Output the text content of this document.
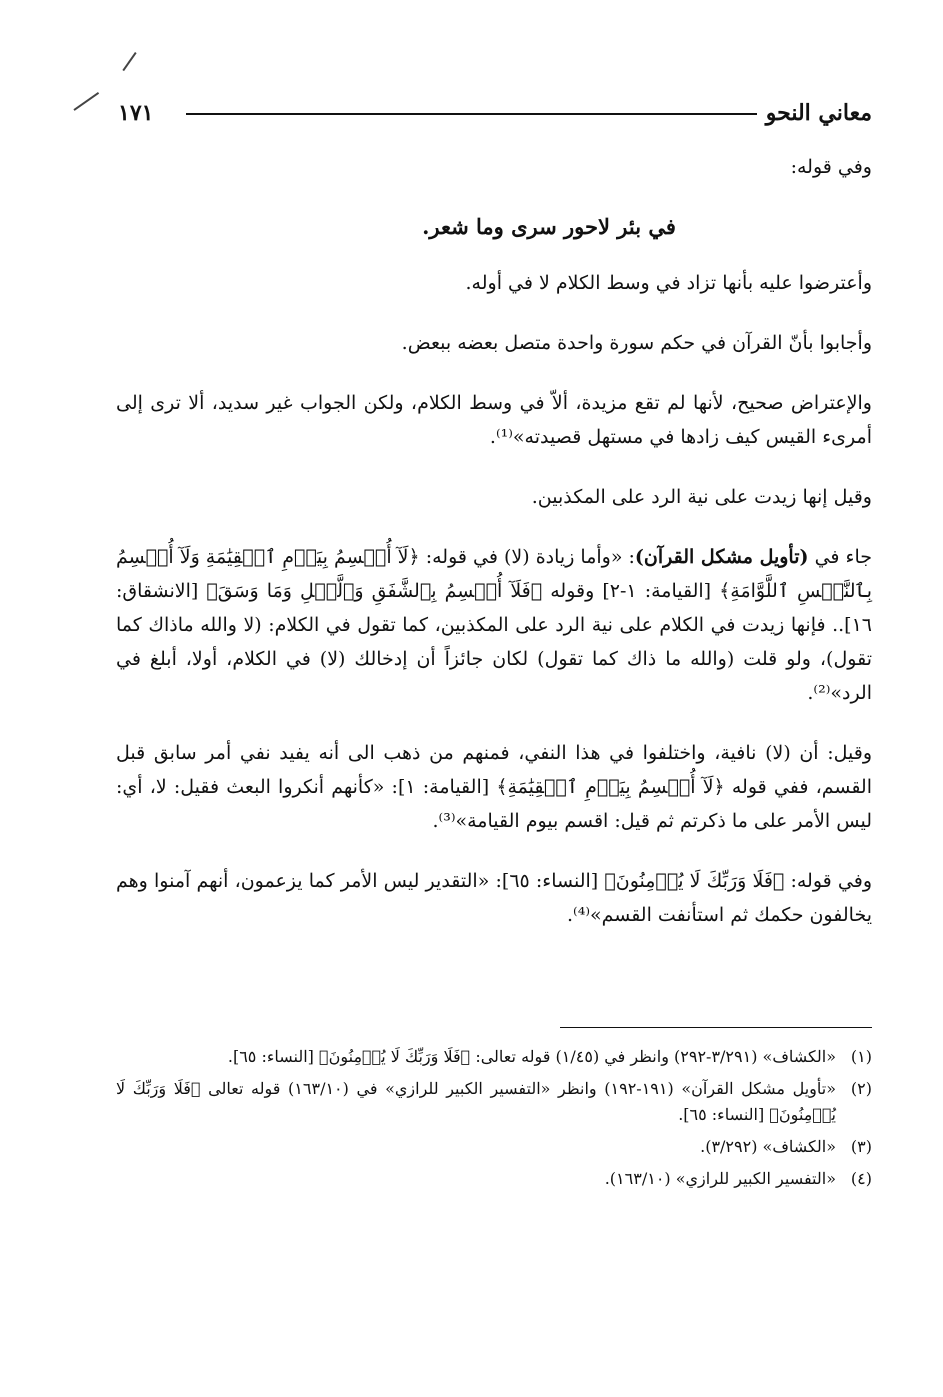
١٧١	معاني النحو

وفي قوله:

في بئر لاحور سرى وما شعر.

وأعترضوا عليه بأنها تزاد في وسط الكلام لا في أوله.

وأجابوا بأنّ القرآن في حكم سورة واحدة متصل بعضه ببعض.

والإعتراض صحيح، لأنها لم تقع مزيدة، ألاّ في وسط الكلام، ولكن الجواب غير سديد، ألا ترى إلى أمرىء القيس كيف زادها في مستهل قصيدته»⁽¹⁾.

وقيل إنها زيدت على نية الرد على المكذبين.

جاء في (تأويل مشكل القرآن): «وأما زيادة (لا) في قوله: ﴿لَآ أُقۡسِمُ بِيَوۡمِ ٱلۡقِيَٰمَةِ وَلَآ أُقۡسِمُ بِٱلنَّفۡسِ ٱللَّوَّامَةِ﴾ [القيامة: ١-٢] وقوله ﴿فَلَآ أُقۡسِمُ بِٱلشَّفَقِ وَٱلَّيۡلِ وَمَا وَسَقَ﴾ [الانشقاق: ١٦].. فإنها زيدت في الكلام على نية الرد على المكذبين، كما تقول في الكلام: (لا والله ماذاك كما تقول)، ولو قلت (والله ما ذاك كما تقول) لكان جائزاً أن إدخالك (لا) في الكلام، أولا، أبلغ في الرد»⁽²⁾.

وقيل: أن (لا) نافية، واختلفوا في هذا النفي، فمنهم من ذهب الى أنه يفيد نفي أمر سابق قبل القسم، ففي قوله ﴿لَآ أُقۡسِمُ بِيَوۡمِ ٱلۡقِيَٰمَةِ﴾ [القيامة: ١]: «كأنهم أنكروا البعث فقيل: لا، أي: ليس الأمر على ما ذكرتم ثم قيل: اقسم بيوم القيامة»⁽³⁾.

وفي قوله: ﴿فَلَا وَرَبِّكَ لَا يُؤۡمِنُونَ﴾ [النساء: ٦٥]: «التقدير ليس الأمر كما يزعمون، أنهم آمنوا وهم يخالفون حكمك ثم استأنفت القسم»⁽⁴⁾.

(١)
«الكشاف» (٣/٢٩١-٢٩٢) وانظر في (١/٤٥) قوله تعالى: ﴿فَلَا وَرَبِّكَ لَا يُؤۡمِنُونَ﴾ [النساء: ٦٥].
(٢)
«تأويل مشكل القرآن» (١٩١-١٩٢) وانظر «التفسير الكبير للرازي» في (١٦٣/١٠) قوله تعالى ﴿فَلَا وَرَبِّكَ لَا يُؤۡمِنُونَ﴾ [النساء: ٦٥].
(٣)
«الكشاف» (٣/٢٩٢).
(٤)
«التفسير الكبير للرازي» (١٦٣/١٠).
